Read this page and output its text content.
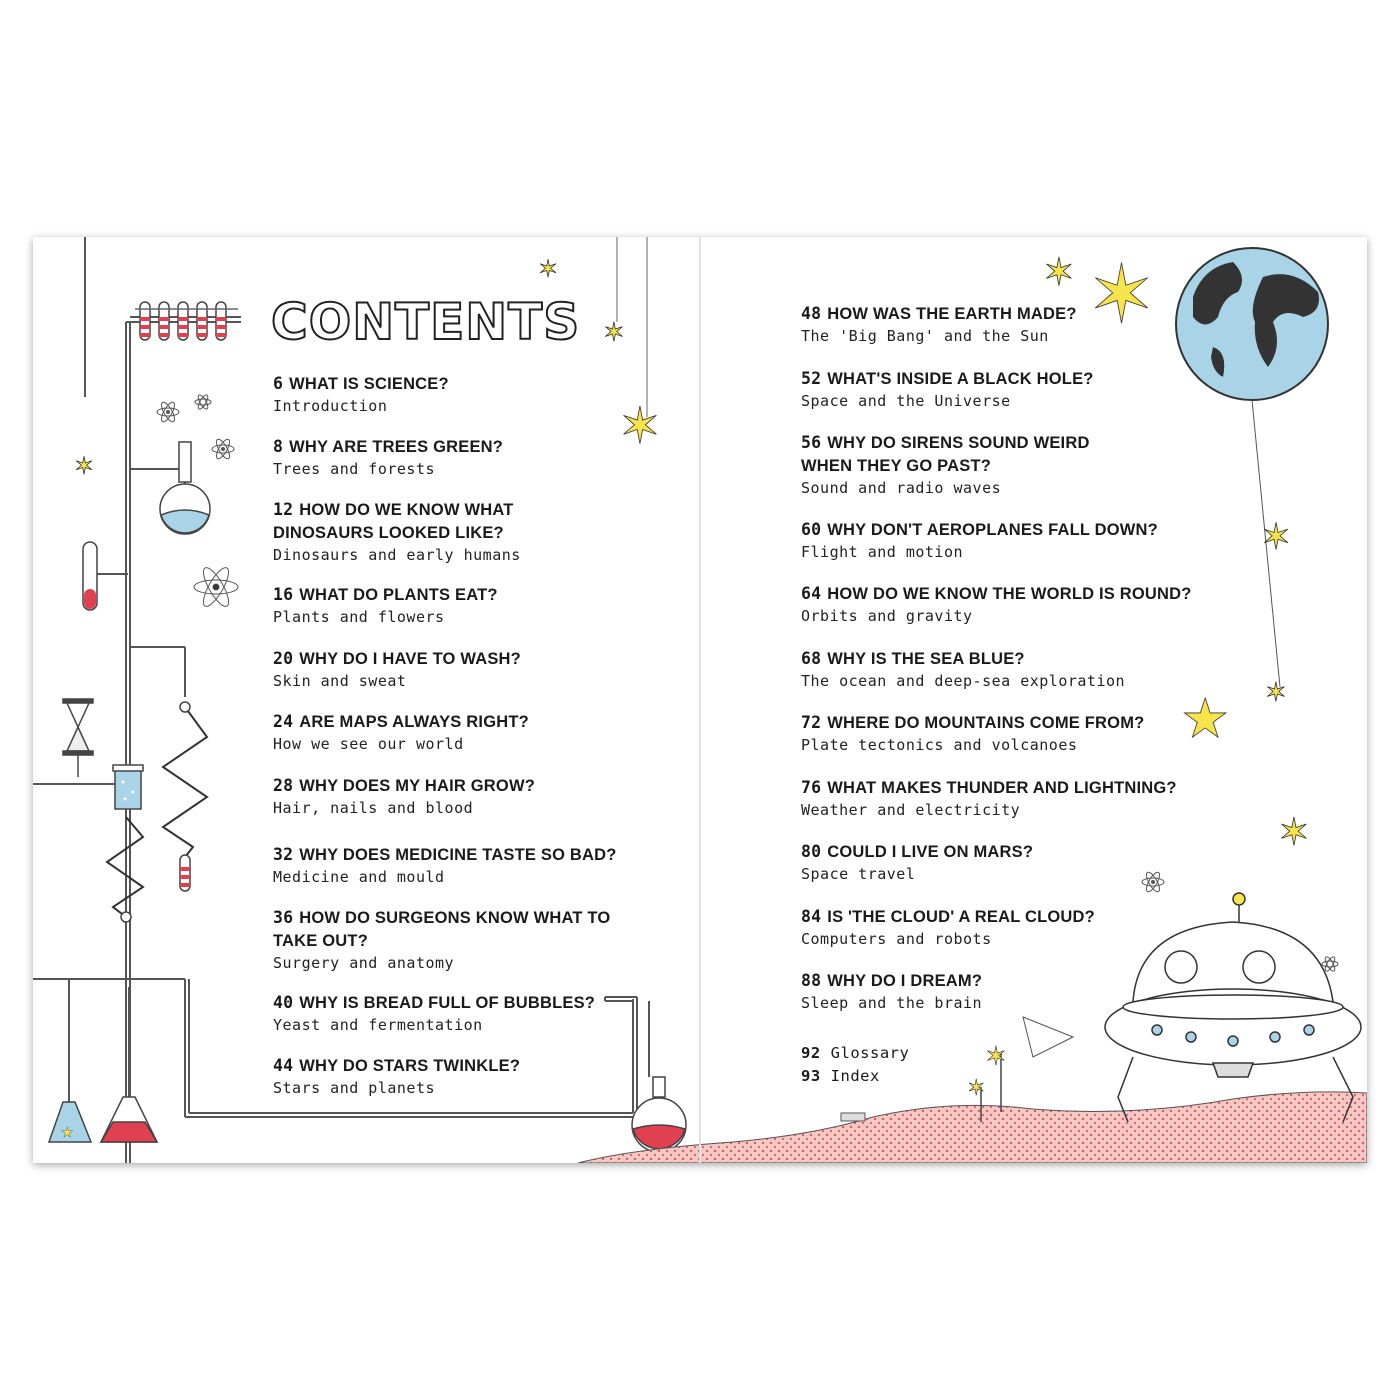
★
✶
✶
✶
✶
✶ ✶
✶
✶
★
✶
✶
✶
CONTENTS
6 WHAT IS SCIENCE?
Introduction
8 WHY ARE TREES GREEN?
Trees and forests
12 HOW DO WE KNOW WHAT DINOSAURS LOOKED LIKE?
Dinosaurs and early humans
16 WHAT DO PLANTS EAT?
Plants and flowers
20 WHY DO I HAVE TO WASH?
Skin and sweat
24 ARE MAPS ALWAYS RIGHT?
How we see our world
28 WHY DOES MY HAIR GROW?
Hair, nails and blood
32 WHY DOES MEDICINE TASTE SO BAD?
Medicine and mould
36 HOW DO SURGEONS KNOW WHAT TO TAKE OUT?
Surgery and anatomy
40 WHY IS BREAD FULL OF BUBBLES?
Yeast and fermentation
44 WHY DO STARS TWINKLE?
Stars and planets
48 HOW WAS THE EARTH MADE?
The 'Big Bang' and the Sun
52 WHAT'S INSIDE A BLACK HOLE?
Space and the Universe
56 WHY DO SIRENS SOUND WEIRD WHEN THEY GO PAST?
Sound and radio waves
60 WHY DON'T AEROPLANES FALL DOWN?
Flight and motion
64 HOW DO WE KNOW THE WORLD IS ROUND?
Orbits and gravity
68 WHY IS THE SEA BLUE?
The ocean and deep-sea exploration
72 WHERE DO MOUNTAINS COME FROM?
Plate tectonics and volcanoes
76 WHAT MAKES THUNDER AND LIGHTNING?
Weather and electricity
80 COULD I LIVE ON MARS?
Space travel
84 IS 'THE CLOUD' A REAL CLOUD?
Computers and robots
88 WHY DO I DREAM?
Sleep and the brain
92 Glossary
93 Index
